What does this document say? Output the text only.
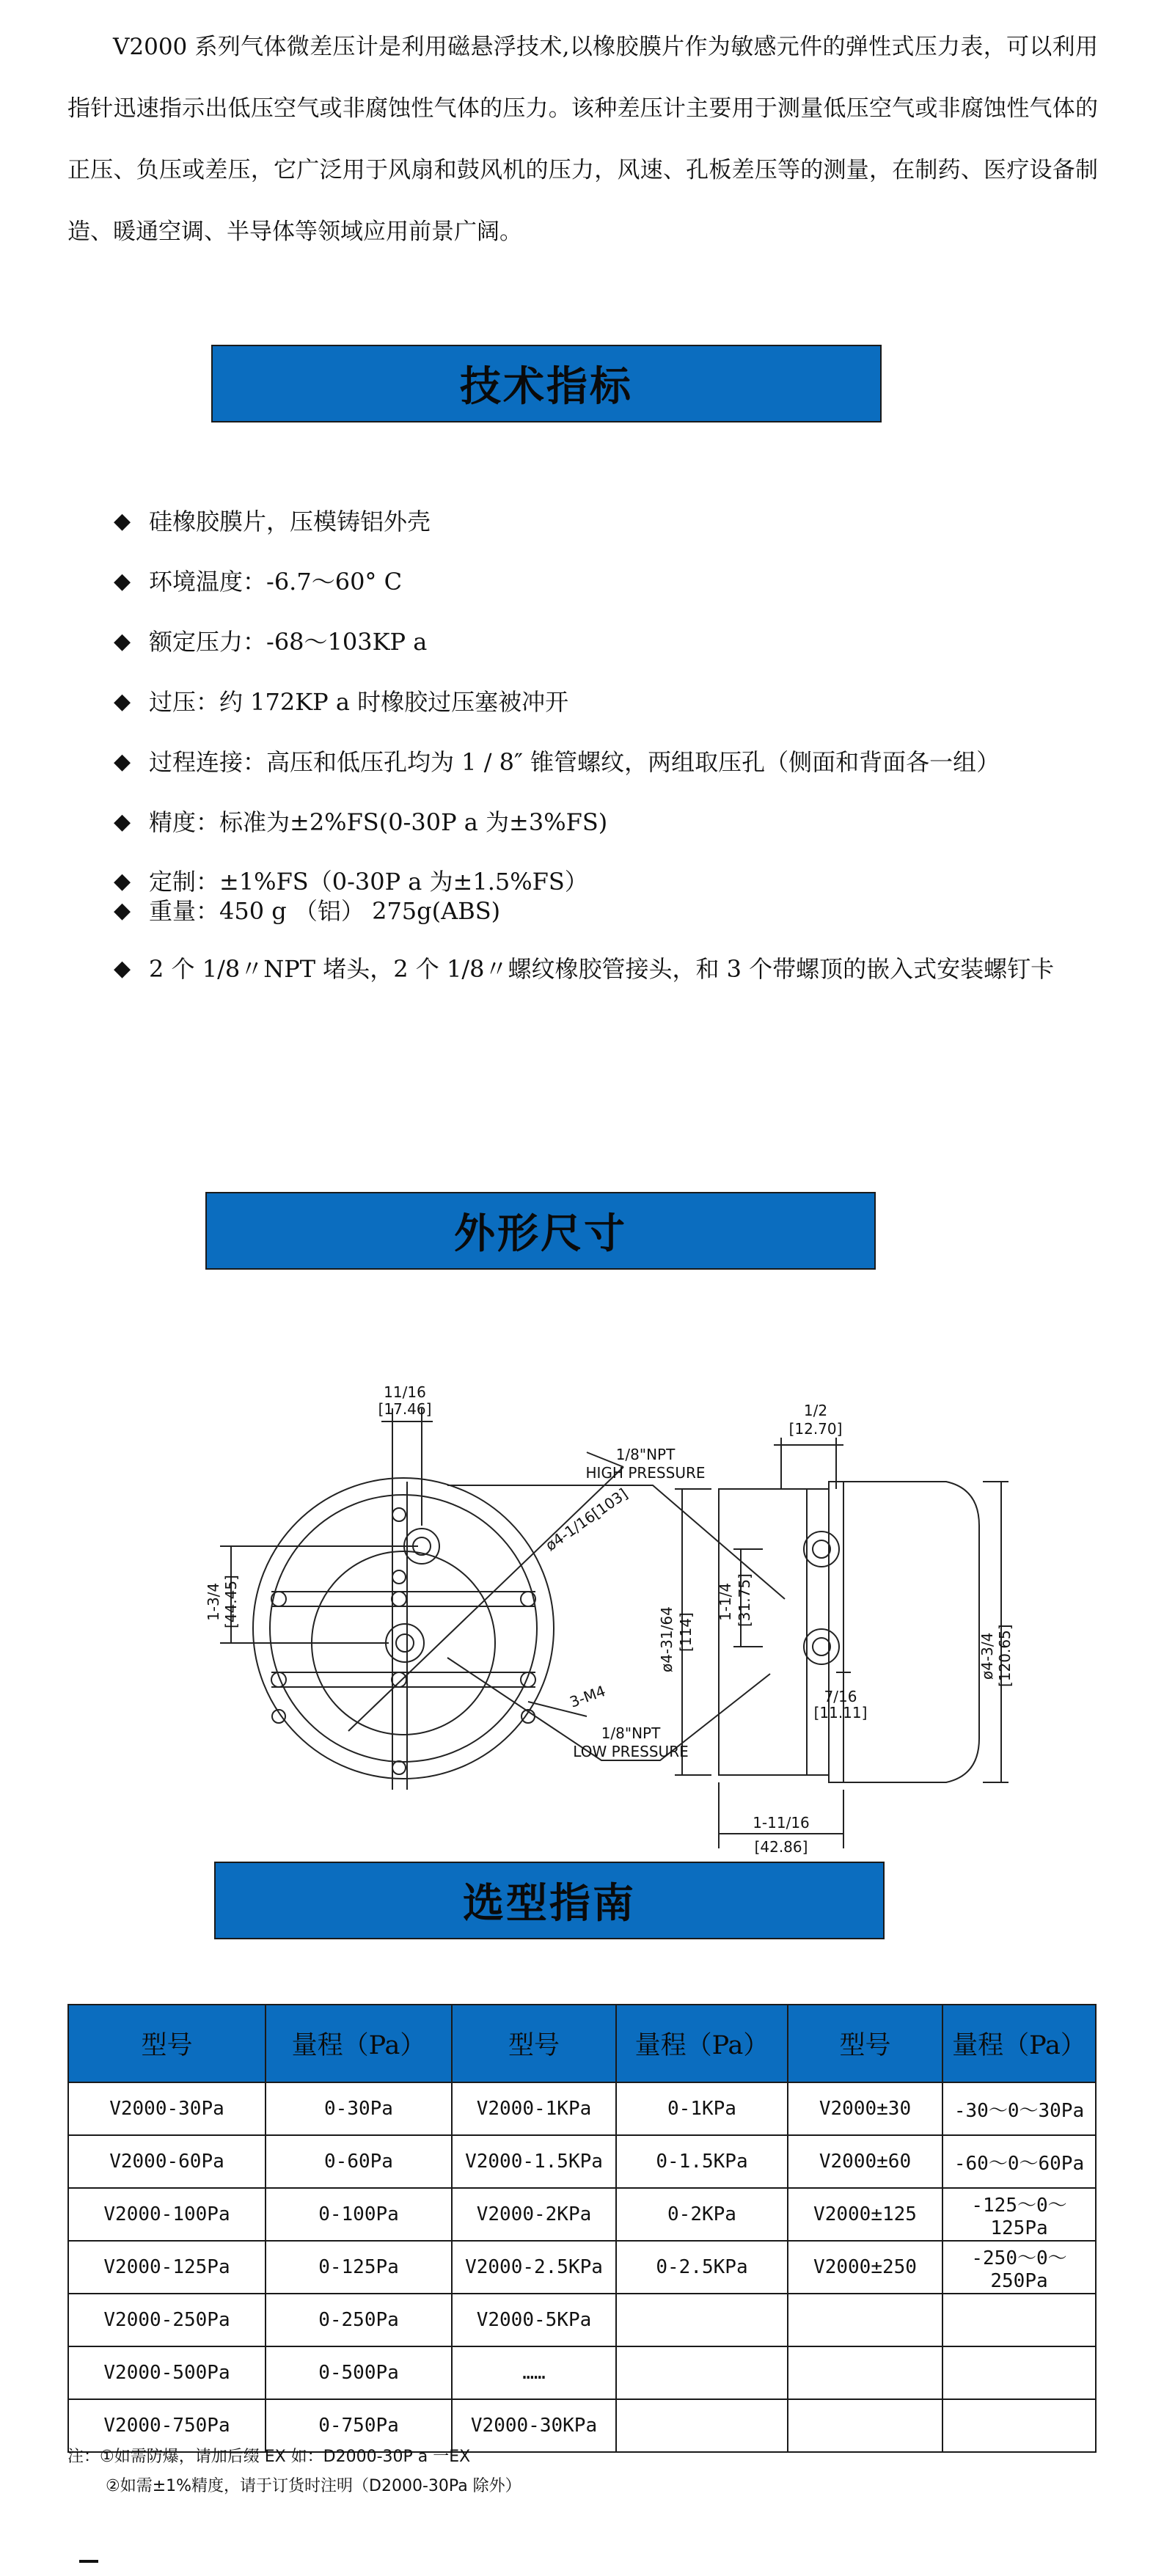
V2000 系列气体微差压计是利用磁悬浮技术,以橡胶膜片作为敏感元件的弹性式压力表，可以利用指针迅速指示出低压空气或非腐蚀性气体的压力。该种差压计主要用于测量低压空气或非腐蚀性气体的正压、负压或差压，它广泛用于风扇和鼓风机的压力，风速、孔板差压等的测量，在制药、医疗设备制造、暖通空调、半导体等领域应用前景广阔。

技术指标
◆ 硅橡胶膜片，压模铸铝外壳
◆ 环境温度：-6.7～60° C
◆ 额定压力：-68～103KP a
◆ 过压：约 172KP a 时橡胶过压塞被冲开
◆ 过程连接：高压和低压孔均为 1 / 8″ 锥管螺纹，两组取压孔（侧面和背面各一组）
◆ 精度：标准为±2%FS(0-30P a 为±3%FS)
◆ 定制：±1%FS（0-30P a 为±1.5%FS）
◆ 重量：450 g （铝） 275g(ABS)
◆ 2 个 1/8〃NPT 堵头，2 个 1/8〃螺纹橡胶管接头，和 3 个带螺顶的嵌入式安装螺钉卡
外形尺寸
11/16
[17.46]
1/8"NPT
HIGH PRESSURE
1/8"NPT
LOW PRESSURE
ø4-1/16[103]
3-M4
1-3/4 [44.45]
ø4-31/64 [114]
1-1/4 [31.75]
1/2
[12.70]
7/16
[11.11]
1-11/16
[42.86]
ø4-3/4 [120.65]
选型指南
型号	量程（Pa）	型号	量程（Pa）	型号	量程（Pa）
V2000-30Pa	0-30Pa	V2000-1KPa	0-1KPa	V2000±30	-30～0～30Pa
V2000-60Pa	0-60Pa	V2000-1.5KPa	0-1.5KPa	V2000±60	-60～0～60Pa
V2000-100Pa	0-100Pa	V2000-2KPa	0-2KPa	V2000±125	-125～0～125Pa
V2000-125Pa	0-125Pa	V2000-2.5KPa	0-2.5KPa	V2000±250	-250～0～250Pa
V2000-250Pa	0-250Pa	V2000-5KPa			
V2000-500Pa	0-500Pa	……			
V2000-750Pa	0-750Pa	V2000-30KPa			
注：①如需防爆，请加后缀 EX 如：D2000-30P a 一EX
②如需±1%精度，请于订货时注明（D2000-30Pa 除外）
